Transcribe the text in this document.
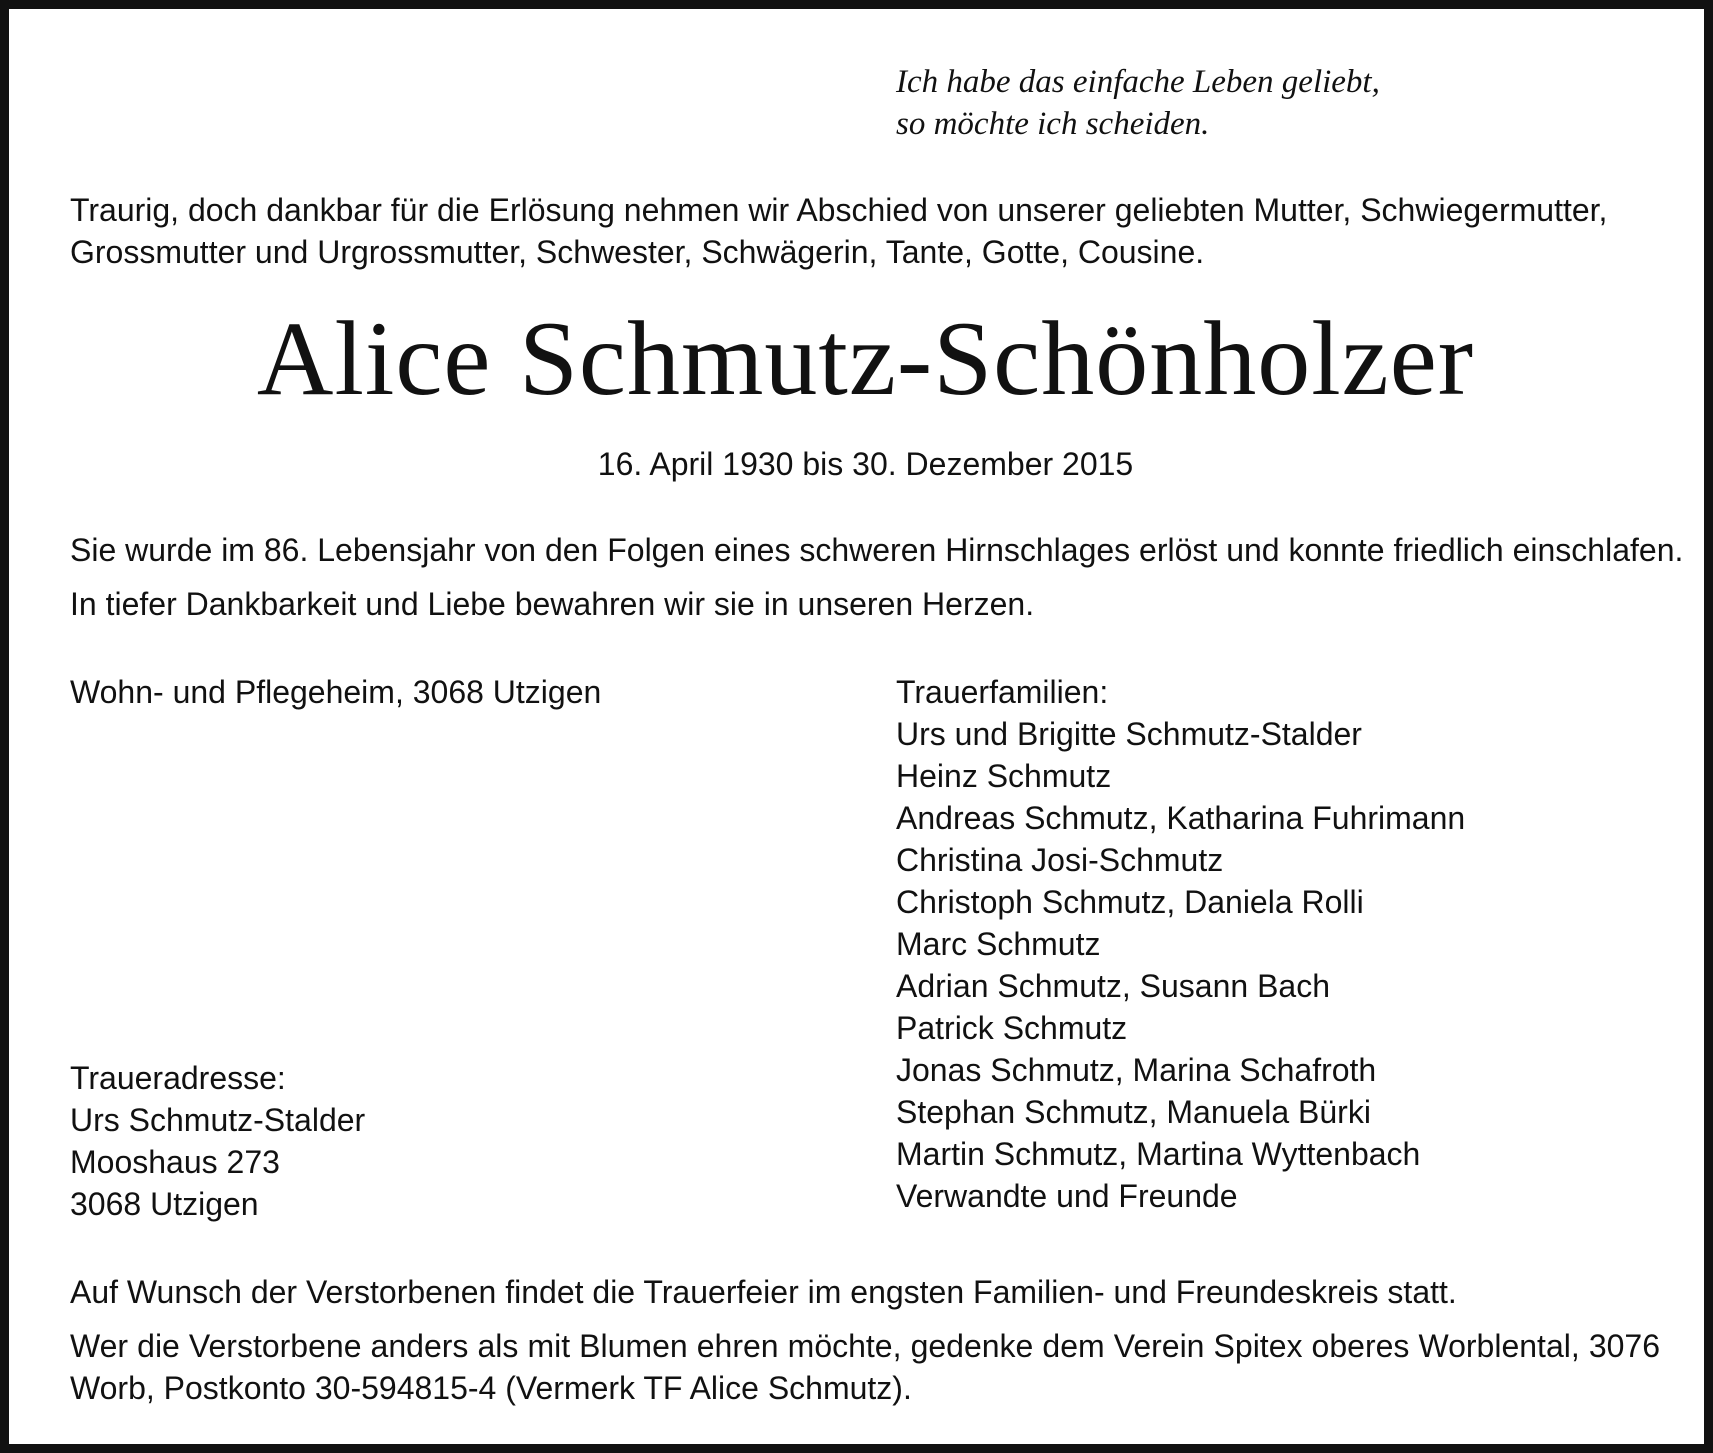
Ich habe das einfache Leben geliebt,
so möchte ich scheiden.
Traurig, doch dankbar für die Erlösung nehmen wir Abschied von unserer geliebten Mutter, Schwiegermutter,
Grossmutter und Urgrossmutter, Schwester, Schwägerin, Tante, Gotte, Cousine.
Alice Schmutz-Schönholzer
16. April 1930 bis 30. Dezember 2015
Sie wurde im 86. Lebensjahr von den Folgen eines schweren Hirnschlages erlöst und konnte friedlich einschlafen.
In tiefer Dankbarkeit und Liebe bewahren wir sie in unseren Herzen.
Wohn- und Pflegeheim, 3068 Utzigen
Traueradresse:
Urs Schmutz-Stalder
Mooshaus 273
3068 Utzigen
Trauerfamilien:
Urs und Brigitte Schmutz-Stalder
Heinz Schmutz
Andreas Schmutz, Katharina Fuhrimann
Christina Josi-Schmutz
Christoph Schmutz, Daniela Rolli
Marc Schmutz
Adrian Schmutz, Susann Bach
Patrick Schmutz
Jonas Schmutz, Marina Schafroth
Stephan Schmutz, Manuela Bürki
Martin Schmutz, Martina Wyttenbach
Verwandte und Freunde
Auf Wunsch der Verstorbenen findet die Trauerfeier im engsten Familien- und Freundeskreis statt.
Wer die Verstorbene anders als mit Blumen ehren möchte, gedenke dem Verein Spitex oberes Worblental, 3076 Worb, Postkonto 30-594815-4 (Vermerk TF Alice Schmutz).
